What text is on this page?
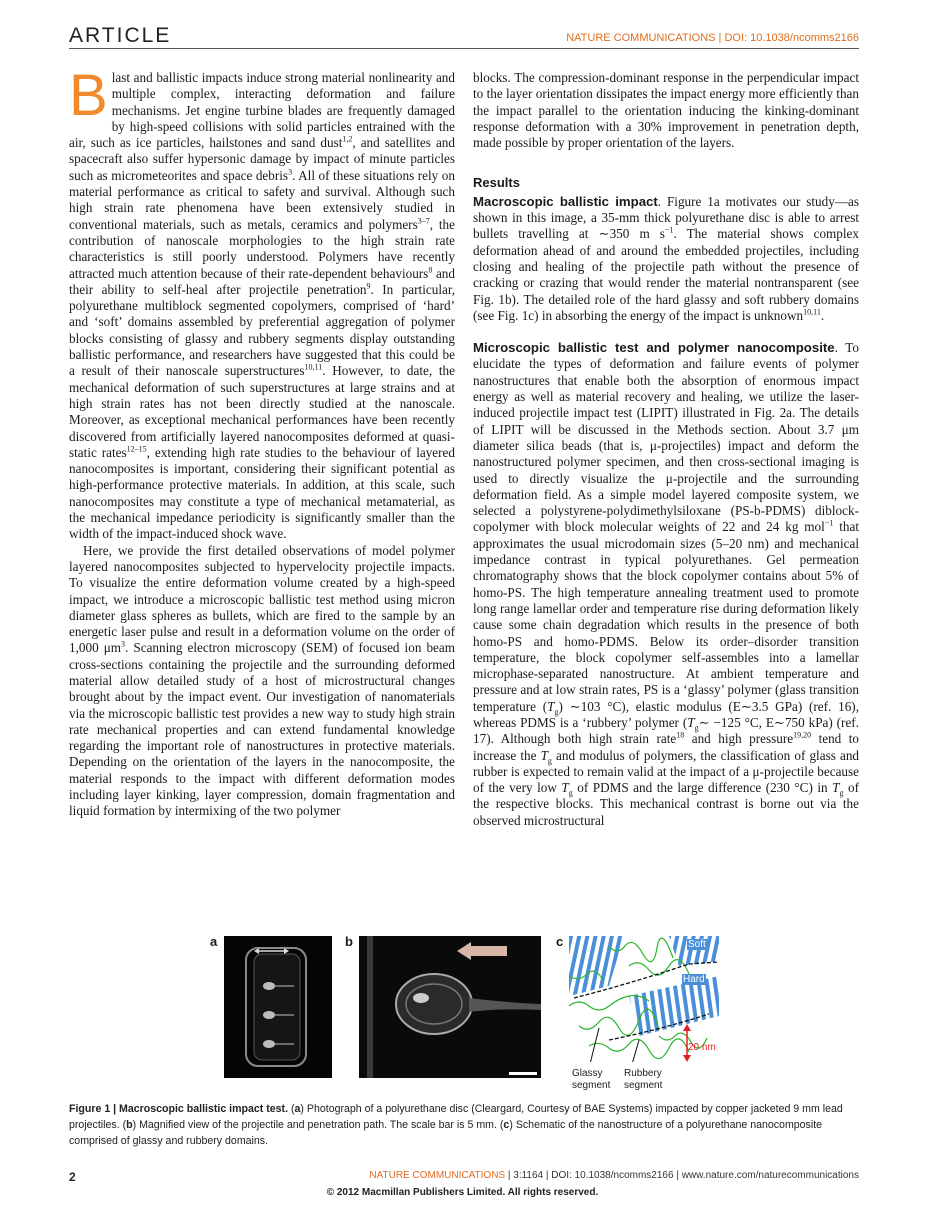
ARTICLE	NATURE COMMUNICATIONS | DOI: 10.1038/ncomms2166

Blast and ballistic impacts induce strong material nonlinearity and multiple complex, interacting deformation and failure mechanisms. Jet engine turbine blades are frequently damaged by high-speed collisions with solid particles entrained with the air, such as ice particles, hailstones and sand dust$^{1,2}$, and satellites and spacecraft also suffer hypersonic damage by impact of minute particles such as micrometeorites and space debris$^3$. All of these situations rely on material performance as critical to safety and survival. Although such high strain rate phenomena have been extensively studied in conventional materials, such as metals, ceramics and polymers$^{3-7}$, the contribution of nanoscale morphologies to the high strain rate characteristics is still poorly understood. Polymers have recently attracted much attention because of their rate-dependent behaviours$^8$ and their ability to self-heal after projectile penetration$^9$. In particular, polyurethane multiblock segmented copolymers, comprised of ‘hard’ and ‘soft’ domains assembled by preferential aggregation of polymer blocks consisting of glassy and rubbery segments display outstanding ballistic performance, and researchers have suggested that this could be a result of their nanoscale superstructures$^{10,11}$. However, to date, the mechanical deformation of such superstructures at large strains and at high strain rates has not been directly studied at the nanoscale. Moreover, as exceptional mechanical performances have been recently discovered from artificially layered nanocomposites deformed at quasi-static rates$^{12-15}$, extending high rate studies to the behaviour of layered nanocomposites is important, considering their significant potential as high-performance protective materials. In addition, at this scale, such nanocomposites may constitute a type of mechanical metamaterial, as the mechanical impedance periodicity is significantly smaller than the width of the impact-induced shock wave.

Here, we provide the first detailed observations of model polymer layered nanocomposites subjected to hypervelocity projectile impacts. To visualize the entire deformation volume created by a high-speed impact, we introduce a microscopic ballistic test method using micron diameter glass spheres as bullets, which are fired to the sample by an energetic laser pulse and result in a deformation volume on the order of 1,000 $\mu m^3$. Scanning electron microscopy (SEM) of focused ion beam cross-sections containing the projectile and the surrounding deformed material allow detailed study of a host of microstructural changes brought about by the impact event. Our investigation of nanomaterials via the microscopic ballistic test provides a new way to study high strain rate mechanical properties and can extend fundamental knowledge regarding the important role of nanostructures in protective materials. Depending on the orientation of the layers in the nanocomposite, the material responds to the impact with different deformation modes including layer kinking, layer compression, domain fragmentation and liquid formation by intermixing of the two polymer

blocks. The compression-dominant response in the perpendicular impact to the layer orientation dissipates the impact energy more efficiently than the impact parallel to the orientation inducing the kinking-dominant response deformation with a 30% improvement in penetration depth, made possible by proper orientation of the layers.

Results

Macroscopic ballistic impact. Figure 1a motivates our study—as shown in this image, a 35-mm thick polyurethane disc is able to arrest bullets travelling at ∼350 m $s^{-1}$. The material shows complex deformation ahead of and around the embedded projectiles, including closing and healing of the projectile path without the presence of cracking or crazing that would render the material nontransparent (see Fig. 1b). The detailed role of the hard glassy and soft rubbery domains (see Fig. 1c) in absorbing the energy of the impact is unknown$^{10,11}$.

Microscopic ballistic test and polymer nanocomposite. To elucidate the types of deformation and failure events of polymer nanostructures that enable both the absorption of enormous impact energy as well as material recovery and healing, we utilize the laser-induced projectile impact test (LIPIT) illustrated in Fig. 2a. The details of LIPIT will be discussed in the Methods section. About 3.7 μm diameter silica beads (that is, μ-projectiles) impact and deform the nanostructured polymer specimen, and then cross-sectional imaging is used to directly visualize the μ-projectile and the surrounding deformation field. As a simple model layered composite system, we selected a polystyrene-polydimethylsiloxane (PS-b-PDMS) diblock-copolymer with block molecular weights of 22 and 24 kg mol$^{-1}$ that approximates the usual microdomain sizes (5–20 nm) and mechanical impedance contrast in typical polyurethanes. Gel permeation chromatography shows that the block copolymer contains about 5% of homo-PS. The high temperature annealing treatment used to promote long range lamellar order and temperature rise during deformation likely cause some chain degradation which results in the presence of both homo-PS and homo-PDMS. Below its order–disorder transition temperature, the block copolymer self-assembles into a lamellar microphase-separated nanostructure. At ambient temperature and pressure and at low strain rates, PS is a ‘glassy’ polymer (glass transition temperature $(T_g)$ ∼103 °C), elastic modulus (E∼3.5 GPa) (ref. 16), whereas PDMS is a ‘rubbery’ polymer ($T_g\sim -125$ °C, E∼750 kPa) (ref. 17). Although both high strain rate$^{18}$ and high pressure$^{19,20}$ tend to increase the $T_g$ and modulus of polymers, the classification of glass and rubber is expected to remain valid at the impact of a μ-projectile because of the very low $T_g$ of PDMS and the large difference (230 °C) in $T_g$ of the respective blocks. This mechanical contrast is borne out via the observed microstructural

a	b	c	Soft
Hard
20 nm
Glassy
segment
Rubbery
segment
Figure 1 | Macroscopic ballistic impact test. (a) Photograph of a polyurethane disc (Cleargard, Courtesy of BAE Systems) impacted by copper jacketed 9 mm lead projectiles. (b) Magnified view of the projectile and penetration path. The scale bar is 5 mm. (c) Schematic of the nanostructure of a polyurethane nanocomposite comprised of glassy and rubbery domains.
2	NATURE COMMUNICATIONS | 3:1164 | DOI: 10.1038/ncomms2166 | www.nature.com/naturecommunications
© 2012 Macmillan Publishers Limited. All rights reserved.
